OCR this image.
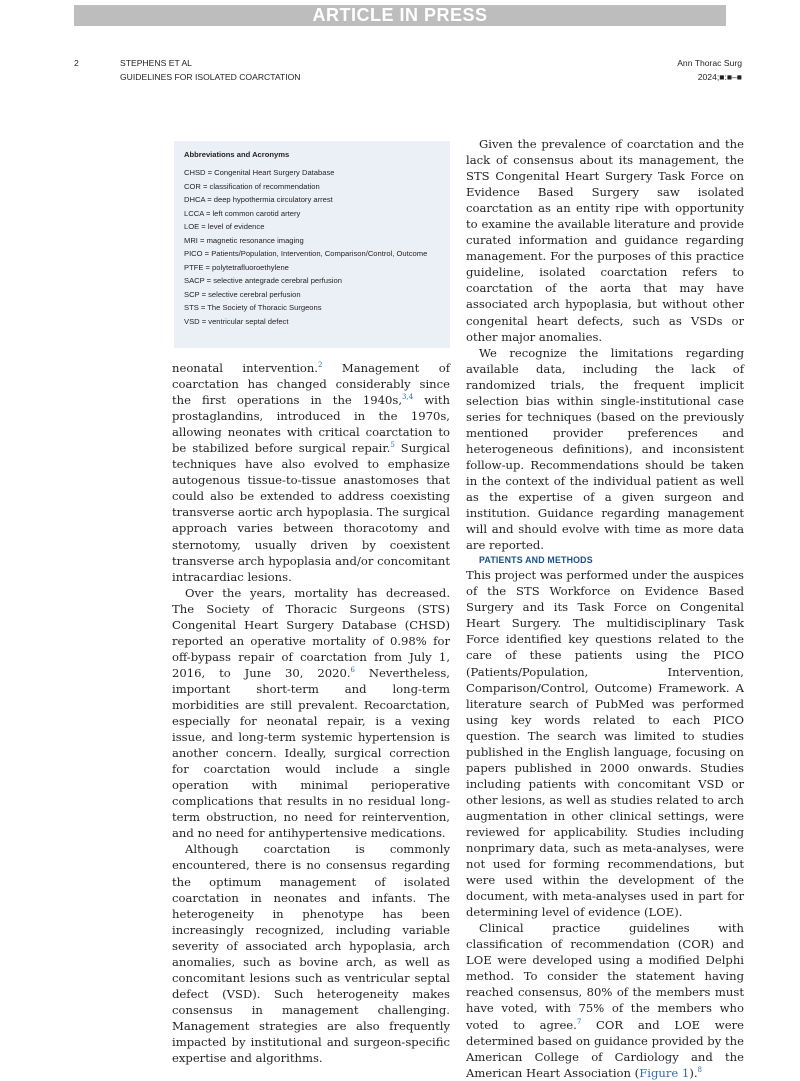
ARTICLE IN PRESS
2	STEPHENS ET AL
GUIDELINES FOR ISOLATED COARCTATION
Ann Thorac Surg
2024;■:■–■
Abbreviations and Acronyms
CHSD = Congenital Heart Surgery Database
COR = classification of recommendation
DHCA = deep hypothermia circulatory arrest
LCCA = left common carotid artery
LOE = level of evidence
MRI = magnetic resonance imaging
PICO = Patients/Population, Intervention, Comparison/Control, Outcome
PTFE = polytetrafluoroethylene
SACP = selective antegrade cerebral perfusion
SCP = selective cerebral perfusion
STS = The Society of Thoracic Surgeons
VSD = ventricular septal defect

neonatal intervention.$^2$ Management of coarctation has changed considerably since the first operations in the 1940s,$^{3,4}$ with prostaglandins, introduced in the 1970s, allowing neonates with critical coarctation to be stabilized before surgical repair.$^5$ Surgical techniques have also evolved to emphasize autogenous tissue-to-tissue anastomoses that could also be extended to address coexisting transverse aortic arch hypoplasia. The surgical approach varies between thoracotomy and sternotomy, usually driven by coexistent transverse arch hypoplasia and/or concomitant intracardiac lesions.

Over the years, mortality has decreased. The Society of Thoracic Surgeons (STS) Congenital Heart Surgery Database (CHSD) reported an operative mortality of 0.98% for off-bypass repair of coarctation from July 1, 2016, to June 30, 2020.$^6$ Nevertheless, important short-term and long-term morbidities are still prevalent. Recoarctation, especially for neonatal repair, is a vexing issue, and long-term systemic hypertension is another concern. Ideally, surgical correction for coarctation would include a single operation with minimal perioperative complications that results in no residual long-term obstruction, no need for reintervention, and no need for antihypertensive medications.

Although coarctation is commonly encountered, there is no consensus regarding the optimum management of isolated coarctation in neonates and infants. The heterogeneity in phenotype has been increasingly recognized, including variable severity of associated arch hypoplasia, arch anomalies, such as bovine arch, as well as concomitant lesions such as ventricular septal defect (VSD). Such heterogeneity makes consensus in management challenging. Management strategies are also frequently impacted by institutional and surgeon-specific expertise and algorithms.

Given the prevalence of coarctation and the lack of consensus about its management, the STS Congenital Heart Surgery Task Force on Evidence Based Surgery saw isolated coarctation as an entity ripe with opportunity to examine the available literature and provide curated information and guidance regarding management. For the purposes of this practice guideline, isolated coarctation refers to coarctation of the aorta that may have associated arch hypoplasia, but without other congenital heart defects, such as VSDs or other major anomalies.

We recognize the limitations regarding available data, including the lack of randomized trials, the frequent implicit selection bias within single-institutional case series for techniques (based on the previously mentioned provider preferences and heterogeneous definitions), and inconsistent follow-up. Recommendations should be taken in the context of the individual patient as well as the expertise of a given surgeon and institution. Guidance regarding management will and should evolve with time as more data are reported.

PATIENTS AND METHODS

This project was performed under the auspices of the STS Workforce on Evidence Based Surgery and its Task Force on Congenital Heart Surgery. The multidisciplinary Task Force identified key questions related to the care of these patients using the PICO (Patients/Population, Intervention, Comparison/Control, Outcome) Framework. A literature search of PubMed was performed using key words related to each PICO question. The search was limited to studies published in the English language, focusing on papers published in 2000 onwards. Studies including patients with concomitant VSD or other lesions, as well as studies related to arch augmentation in other clinical settings, were reviewed for applicability. Studies including nonprimary data, such as meta-analyses, were not used for forming recommendations, but were used within the development of the document, with meta-analyses used in part for determining level of evidence (LOE).

Clinical practice guidelines with classification of recommendation (COR) and LOE were developed using a modified Delphi method. To consider the statement having reached consensus, 80% of the members must have voted, with 75% of the members who voted to agree.$^7$ COR and LOE were determined based on guidance provided by the American College of Cardiology and the American Heart Association (Figure 1).$^8$
